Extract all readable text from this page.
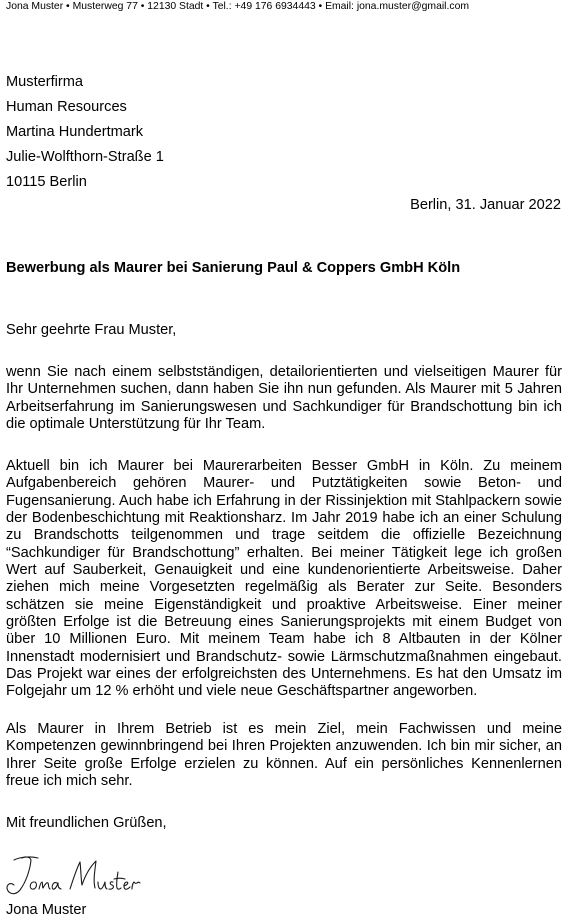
Jona Muster • Musterweg 77 • 12130 Stadt • Tel.: +49 176 6934443 • Email: jona.muster@gmail.com
Musterfirma
Human Resources
Martina Hundertmark
Julie-Wolfthorn-Straße 1
10115 Berlin
Berlin, 31. Januar 2022
Bewerbung als Maurer bei Sanierung Paul & Coppers GmbH Köln
Sehr geehrte Frau Muster,
wenn Sie nach einem selbstständigen, detailorientierten und vielseitigen Maurer für Ihr Unternehmen suchen, dann haben Sie ihn nun gefunden. Als Maurer mit 5 Jahren Arbeitserfahrung im Sanierungswesen und Sachkundiger für Brandschottung bin ich die optimale Unterstützung für Ihr Team.
Aktuell bin ich Maurer bei Maurerarbeiten Besser GmbH in Köln. Zu meinem Aufgabenbereich gehören Maurer- und Putztätigkeiten sowie Beton- und Fugensanierung. Auch habe ich Erfahrung in der Rissinjektion mit Stahlpackern sowie der Bodenbeschichtung mit Reaktionsharz. Im Jahr 2019 habe ich an einer Schulung zu Brandschotts teilgenommen und trage seitdem die offizielle Bezeichnung “Sachkundiger für Brandschottung” erhalten. Bei meiner Tätigkeit lege ich großen Wert auf Sauberkeit, Genauigkeit und eine kundenorientierte Arbeitsweise. Daher ziehen mich meine Vorgesetzten regelmäßig als Berater zur Seite. Besonders schätzen sie meine Eigenständigkeit und proaktive Arbeitsweise. Einer meiner größten Erfolge ist die Betreuung eines Sanierungsprojekts mit einem Budget von über 10 Millionen Euro. Mit meinem Team habe ich 8 Altbauten in der Kölner Innenstadt modernisiert und Brandschutz- sowie Lärmschutzmaßnahmen eingebaut. Das Projekt war eines der erfolgreichsten des Unternehmens. Es hat den Umsatz im Folgejahr um 12 % erhöht und viele neue Geschäftspartner angeworben.
Als Maurer in Ihrem Betrieb ist es mein Ziel, mein Fachwissen und meine Kompetenzen gewinnbringend bei Ihren Projekten anzuwenden. Ich bin mir sicher, an Ihrer Seite große Erfolge erzielen zu können. Auf ein persönliches Kennenlernen freue ich mich sehr.
Mit freundlichen Grüßen,
Jona Muster
